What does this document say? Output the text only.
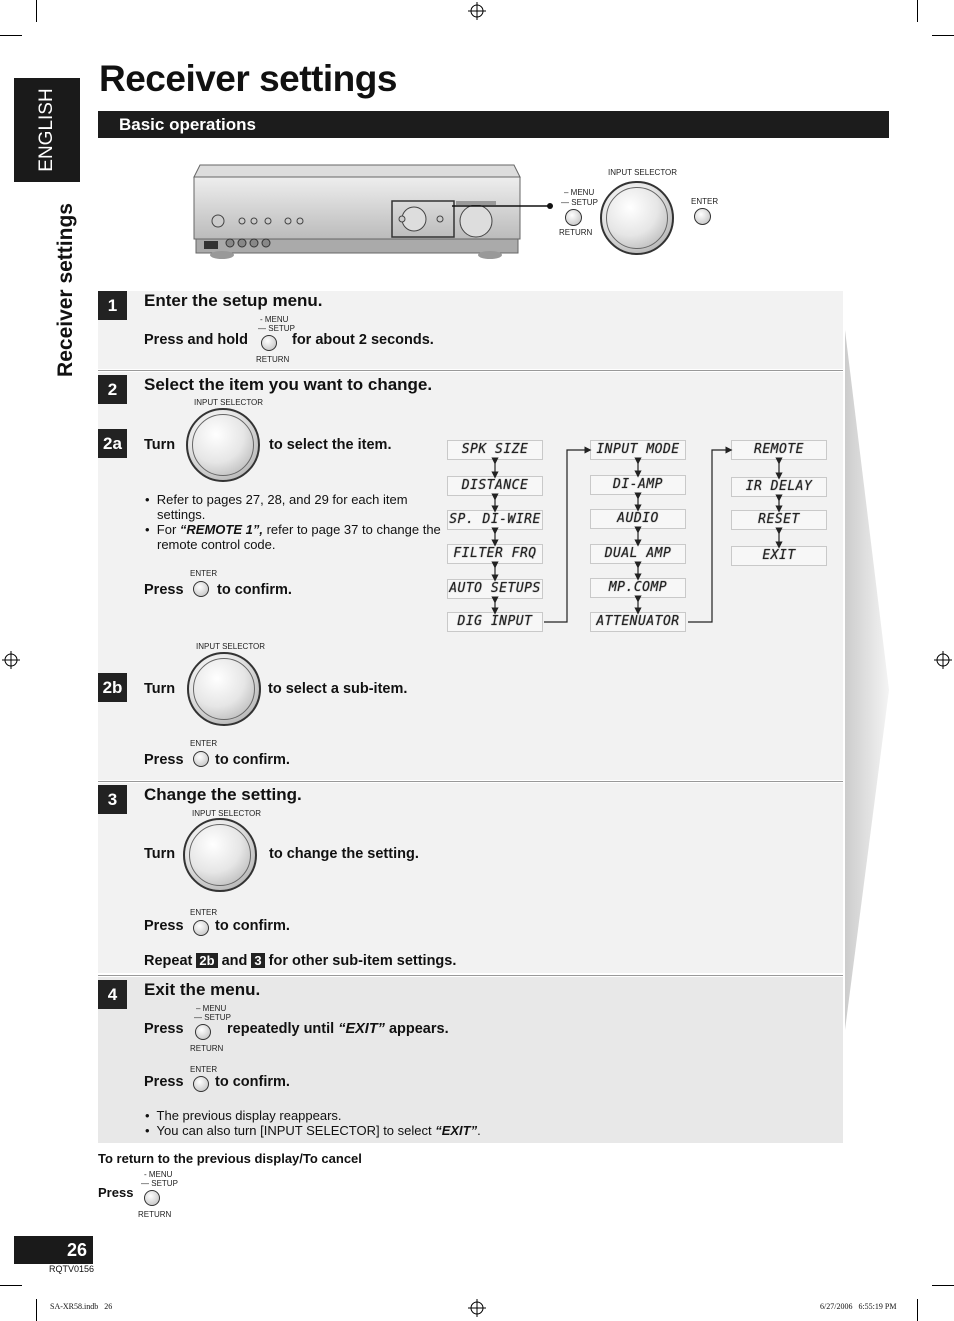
ENGLISH
Receiver settings
Receiver settings
Basic operations
INPUT SELECTOR
– MENU
— SETUP
RETURN
ENTER
1	Enter the setup menu.
Press and hold
- MENU
— SETUP
RETURN
for about 2 seconds.
2	Select the item you want to change.
2a
INPUT SELECTOR
Turn	to select the item.
•  Refer to pages 27, 28, and 29 for each item settings.
•  For “REMOTE 1”, refer to page 37 to change the remote control code.
ENTER
Press to confirm.
SPK SIZE
DISTANCE
SP. DI-WIRE
FILTER FRQ
AUTO SETUPS
DIG INPUT
INPUT MODE
DI-AMP
AUDIO
DUAL AMP
MP.COMP
ATTENUATOR
REMOTE
IR DELAY
RESET
EXIT
2b
INPUT SELECTOR
Turn	to select a sub-item.
ENTER
Press to confirm.
3	Change the setting.
INPUT SELECTOR
Turn	to change the setting.
ENTER
Press to confirm.
Repeat 2b and 3 for other sub-item settings.
4	Exit the menu.
– MENU
— SETUP
Press
RETURN
repeatedly until “EXIT” appears.
ENTER
Press to confirm.
•  The previous display reappears.
•  You can also turn [INPUT SELECTOR] to select “EXIT”.
To return to the previous display/To cancel
- MENU
— SETUP
Press
RETURN
26
RQTV0156
SA-XR58.indb   26	6/27/2006   6:55:19 PM
